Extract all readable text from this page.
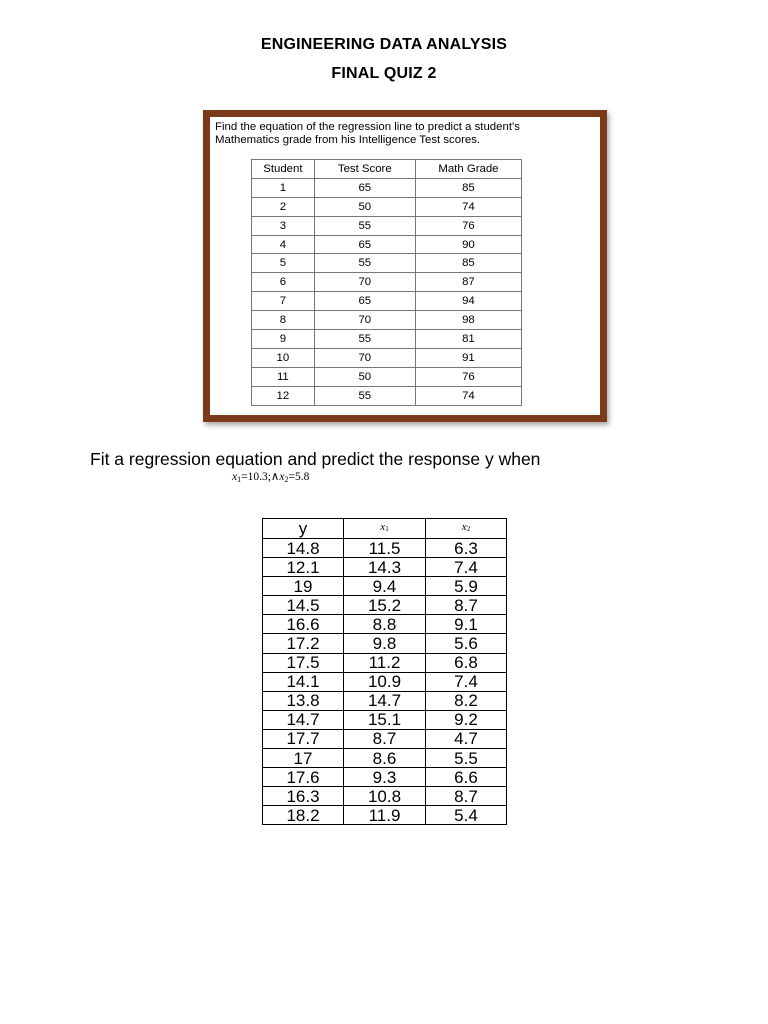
ENGINEERING DATA ANALYSIS
FINAL QUIZ 2
Find the equation of the regression line to predict a student's
Mathematics grade from his Intelligence Test scores.
Student	Test Score	Math Grade
1	65	85
2	50	74
3	55	76
4	65	90
5	55	85
6	70	87
7	65	94
8	70	98
9	55	81
10	70	91
11	50	76
12	55	74
Fit a regression equation and predict the response y when
$x_1=10.3;\wedge x_2=5.8$
y	$x_1$	$x_2$
14.8	11.5	6.3
12.1	14.3	7.4
19	9.4	5.9
14.5	15.2	8.7
16.6	8.8	9.1
17.2	9.8	5.6
17.5	11.2	6.8
14.1	10.9	7.4
13.8	14.7	8.2
14.7	15.1	9.2
17.7	8.7	4.7
17	8.6	5.5
17.6	9.3	6.6
16.3	10.8	8.7
18.2	11.9	5.4
